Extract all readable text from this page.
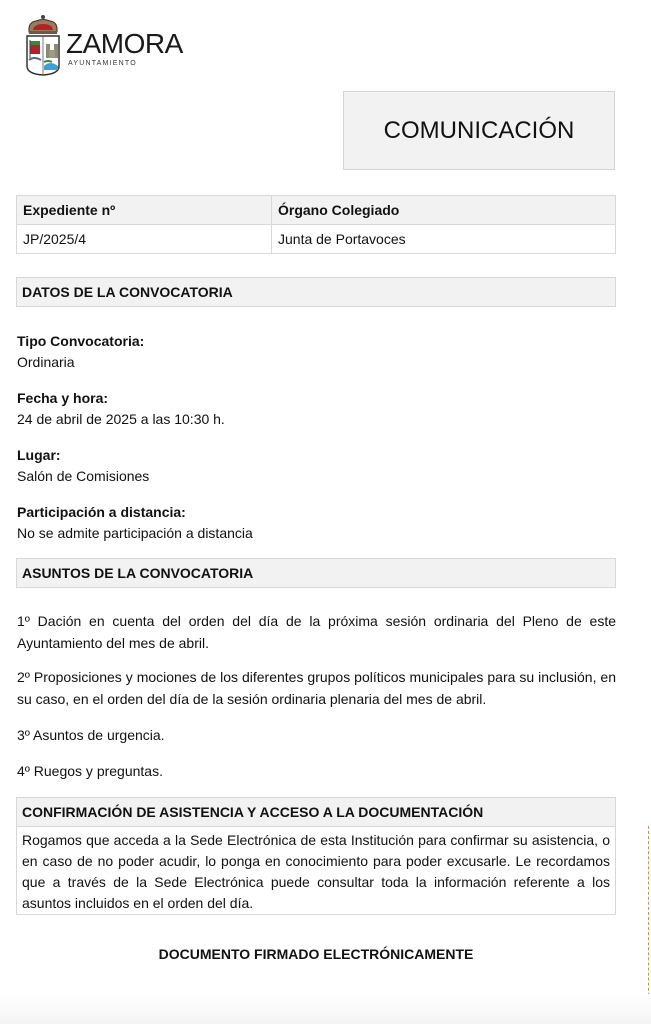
ZAMORA
AYUNTAMIENTO
COMUNICACIÓN
Expediente nº	Órgano Colegiado
JP/2025/4	Junta de Portavoces
DATOS DE LA CONVOCATORIA
Tipo Convocatoria:
Ordinaria
Fecha y hora:
24 de abril de 2025 a las 10:30 h.
Lugar:
Salón de Comisiones
Participación a distancia:
No se admite participación a distancia
ASUNTOS DE LA CONVOCATORIA
1º Dación en cuenta del orden del día de la próxima sesión ordinaria del Pleno de este Ayuntamiento del mes de abril.
2º Proposiciones y mociones de los diferentes grupos políticos municipales para su inclusión, en su caso, en el orden del día de la sesión ordinaria plenaria del mes de abril.
3º Asuntos de urgencia.
4º Ruegos y preguntas.
CONFIRMACIÓN DE ASISTENCIA Y ACCESO A LA DOCUMENTACIÓN
Rogamos que acceda a la Sede Electrónica de esta Institución para confirmar su asistencia, o en caso de no poder acudir, lo ponga en conocimiento para poder excusarle. Le recordamos que a través de la Sede Electrónica puede consultar toda la información referente a los asuntos incluidos en el orden del día.
DOCUMENTO FIRMADO ELECTRÓNICAMENTE
